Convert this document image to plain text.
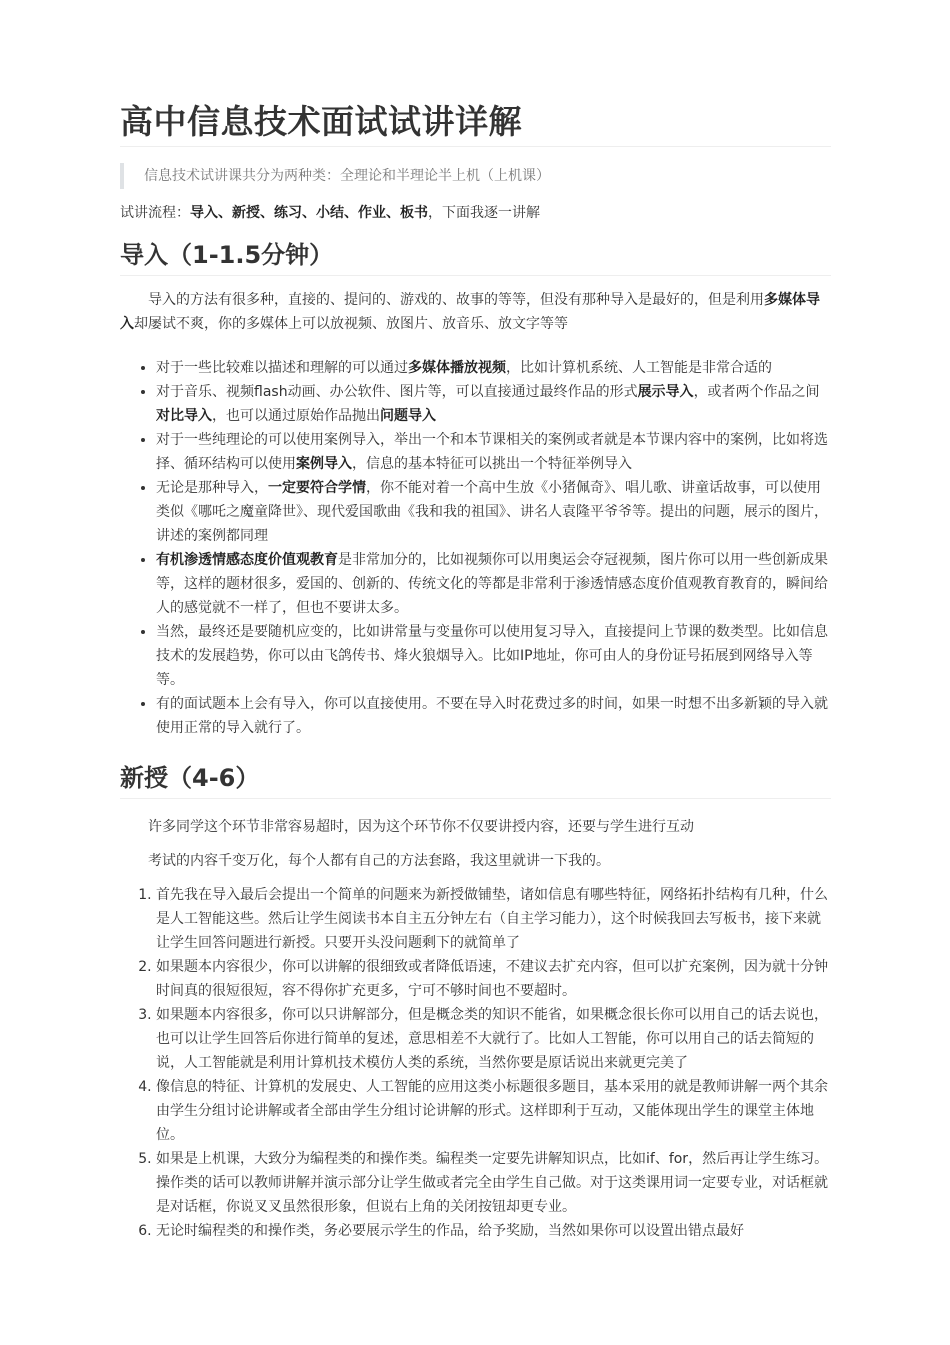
高中信息技术面试试讲详解
信息技术试讲课共分为两种类：全理论和半理论半上机（上机课）

试讲流程：导入、新授、练习、小结、作业、板书，下面我逐一讲解

导入（1-1.5分钟）

导入的方法有很多种，直接的、提问的、游戏的、故事的等等，但没有那种导入是最好的，但是利用多媒体导入却屡试不爽，你的多媒体上可以放视频、放图片、放音乐、放文字等等

• 对于一些比较难以描述和理解的可以通过多媒体播放视频，比如计算机系统、人工智能是非常合适的
• 对于音乐、视频flash动画、办公软件、图片等，可以直接通过最终作品的形式展示导入，或者两个作品之间对比导入，也可以通过原始作品抛出问题导入
• 对于一些纯理论的可以使用案例导入，举出一个和本节课相关的案例或者就是本节课内容中的案例，比如将选择、循环结构可以使用案例导入，信息的基本特征可以挑出一个特征举例导入
• 无论是那种导入，一定要符合学情，你不能对着一个高中生放《小猪佩奇》、唱儿歌、讲童话故事，可以使用类似《哪吒之魔童降世》、现代爱国歌曲《我和我的祖国》、讲名人袁隆平爷爷等。提出的问题，展示的图片，讲述的案例都同理
• 有机渗透情感态度价值观教育是非常加分的，比如视频你可以用奥运会夺冠视频，图片你可以用一些创新成果等，这样的题材很多，爱国的、创新的、传统文化的等都是非常利于渗透情感态度价值观教育教育的，瞬间给人的感觉就不一样了，但也不要讲太多。
• 当然，最终还是要随机应变的，比如讲常量与变量你可以使用复习导入，直接提问上节课的数类型。比如信息技术的发展趋势，你可以由飞鸽传书、烽火狼烟导入。比如IP地址，你可由人的身份证号拓展到网络导入等等。
• 有的面试题本上会有导入，你可以直接使用。不要在导入时花费过多的时间，如果一时想不出多新颖的导入就使用正常的导入就行了。
新授（4-6）

许多同学这个环节非常容易超时，因为这个环节你不仅要讲授内容，还要与学生进行互动

考试的内容千变万化，每个人都有自己的方法套路，我这里就讲一下我的。

1. 首先我在导入最后会提出一个简单的问题来为新授做铺垫，诸如信息有哪些特征，网络拓扑结构有几种，什么是人工智能这些。然后让学生阅读书本自主五分钟左右（自主学习能力），这个时候我回去写板书，接下来就让学生回答问题进行新授。只要开头没问题剩下的就简单了
2. 如果题本内容很少，你可以讲解的很细致或者降低语速，不建议去扩充内容，但可以扩充案例，因为就十分钟时间真的很短很短，容不得你扩充更多，宁可不够时间也不要超时。
3. 如果题本内容很多，你可以只讲解部分，但是概念类的知识不能省，如果概念很长你可以用自己的话去说也，也可以让学生回答后你进行简单的复述，意思相差不大就行了。比如人工智能，你可以用自己的话去简短的说，人工智能就是利用计算机技术模仿人类的系统，当然你要是原话说出来就更完美了
4. 像信息的特征、计算机的发展史、人工智能的应用这类小标题很多题目，基本采用的就是教师讲解一两个其余由学生分组讨论讲解或者全部由学生分组讨论讲解的形式。这样即利于互动，又能体现出学生的课堂主体地位。
5. 如果是上机课，大致分为编程类的和操作类。编程类一定要先讲解知识点，比如if、for，然后再让学生练习。操作类的话可以教师讲解并演示部分让学生做或者完全由学生自己做。对于这类课用词一定要专业，对话框就是对话框，你说叉叉虽然很形象，但说右上角的关闭按钮却更专业。
6. 无论时编程类的和操作类，务必要展示学生的作品，给予奖励，当然如果你可以设置出错点最好
